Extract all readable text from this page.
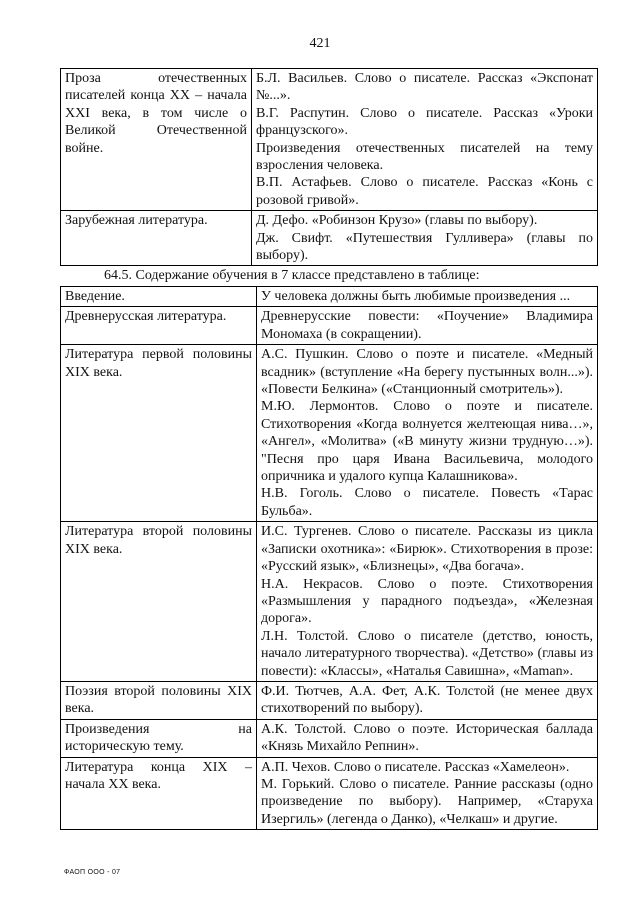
421
Проза отечественных писателей конца XX – начала XXI века, в том числе о Великой Отечественной войне.	Б.Л. Васильев. Слово о писателе. Рассказ «Экспонат №...».
В.Г. Распутин. Слово о писателе. Рассказ «Уроки французского».
Произведения отечественных писателей на тему взросления человека.
В.П. Астафьев. Слово о писателе. Рассказ «Конь с розовой гривой».

Зарубежная литература.	Д. Дефо. «Робинзон Крузо» (главы по выбору).
Дж. Свифт. «Путешествия Гулливера» (главы по выбору).
64.5. Содержание обучения в 7 классе представлено в таблице:
Введение.	У человека должны быть любимые произведения ...

Древнерусская литература.	Древнерусские повести: «Поучение» Владимира Мономаха (в сокращении).

Литература первой половины XIX века.	А.С. Пушкин. Слово о поэте и писателе. «Медный всадник» (вступление «На берегу пустынных волн...»). «Повести Белкина» («Станционный смотритель»).
М.Ю. Лермонтов. Слово о поэте и писателе. Стихотворения «Когда волнуется желтеющая нива…», «Ангел», «Молитва» («В минуту жизни трудную…»). "Песня про царя Ивана Васильевича, молодого опричника и удалого купца Калашникова».
Н.В. Гоголь. Слово о писателе. Повесть «Тарас Бульба».

Литература второй половины XIX века.	И.С. Тургенев. Слово о писателе. Рассказы из цикла «Записки охотника»: «Бирюк». Стихотворения в прозе: «Русский язык», «Близнецы», «Два богача».
Н.А. Некрасов. Слово о поэте. Стихотворения «Размышления у парадного подъезда», «Железная дорога».
Л.Н. Толстой. Слово о писателе (детство, юность, начало литературного творчества). «Детство» (главы из повести): «Классы», «Наталья Савишна», «Maman».

Поэзия второй половины XIX века.	Ф.И. Тютчев, А.А. Фет, А.К. Толстой (не менее двух стихотворений по выбору).

Произведения на историческую тему.	А.К. Толстой. Слово о поэте. Историческая баллада «Князь Михайло Репнин».

Литература конца XIX – начала XX века.	А.П. Чехов. Слово о писателе. Рассказ «Хамелеон».
М. Горький. Слово о писателе. Ранние рассказы (одно произведение по выбору). Например, «Старуха Изергиль» (легенда о Данко), «Челкаш» и другие.
ФАОП ООО - 07
